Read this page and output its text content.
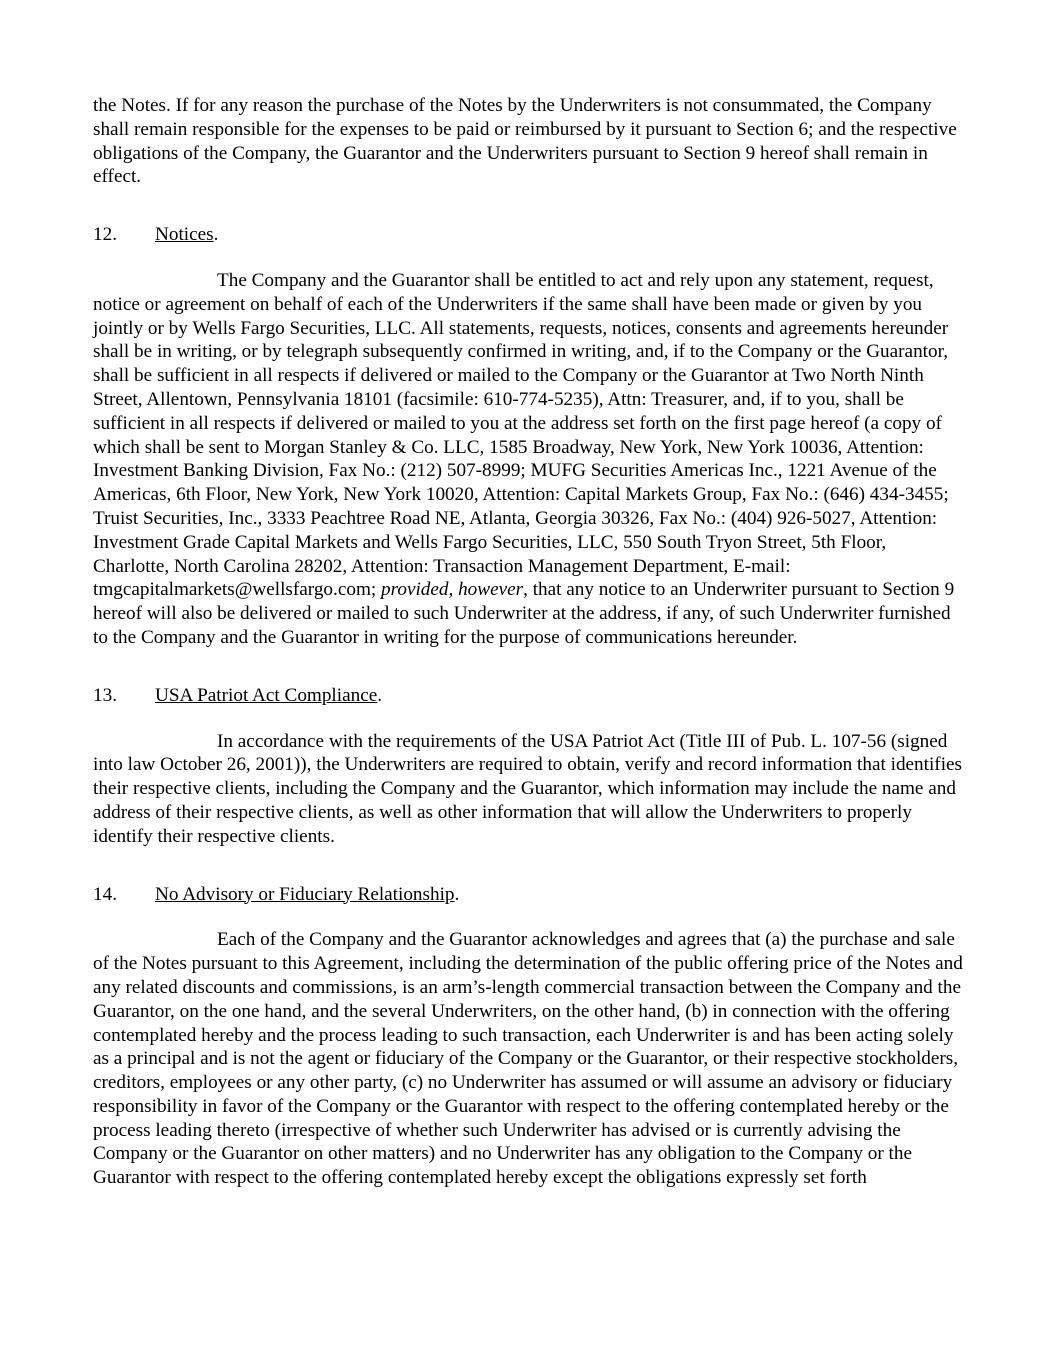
the Notes. If for any reason the purchase of the Notes by the Underwriters is not consummated, the Company shall remain responsible for the expenses to be paid or reimbursed by it pursuant to Section 6; and the respective obligations of the Company, the Guarantor and the Underwriters pursuant to Section 9 hereof shall remain in effect.

12. Notices.

The Company and the Guarantor shall be entitled to act and rely upon any statement, request, notice or agreement on behalf of each of the Underwriters if the same shall have been made or given by you jointly or by Wells Fargo Securities, LLC. All statements, requests, notices, consents and agreements hereunder shall be in writing, or by telegraph subsequently confirmed in writing, and, if to the Company or the Guarantor, shall be sufficient in all respects if delivered or mailed to the Company or the Guarantor at Two North Ninth Street, Allentown, Pennsylvania 18101 (facsimile: 610-774-5235), Attn: Treasurer, and, if to you, shall be sufficient in all respects if delivered or mailed to you at the address set forth on the first page hereof (a copy of which shall be sent to Morgan Stanley & Co. LLC, 1585 Broadway, New York, New York 10036, Attention: Investment Banking Division, Fax No.: (212) 507-8999; MUFG Securities Americas Inc., 1221 Avenue of the Americas, 6th Floor, New York, New York 10020, Attention: Capital Markets Group, Fax No.: (646) 434-3455; Truist Securities, Inc., 3333 Peachtree Road NE, Atlanta, Georgia 30326, Fax No.: (404) 926-5027, Attention: Investment Grade Capital Markets and Wells Fargo Securities, LLC, 550 South Tryon Street, 5th Floor, Charlotte, North Carolina 28202, Attention: Transaction Management Department, E-mail: tmgcapitalmarkets@wellsfargo.com; provided, however, that any notice to an Underwriter pursuant to Section 9 hereof will also be delivered or mailed to such Underwriter at the address, if any, of such Underwriter furnished to the Company and the Guarantor in writing for the purpose of communications hereunder.

13. USA Patriot Act Compliance.

In accordance with the requirements of the USA Patriot Act (Title III of Pub. L. 107-56 (signed into law October 26, 2001)), the Underwriters are required to obtain, verify and record information that identifies their respective clients, including the Company and the Guarantor, which information may include the name and address of their respective clients, as well as other information that will allow the Underwriters to properly identify their respective clients.

14. No Advisory or Fiduciary Relationship.

Each of the Company and the Guarantor acknowledges and agrees that (a) the purchase and sale of the Notes pursuant to this Agreement, including the determination of the public offering price of the Notes and any related discounts and commissions, is an arm’s-length commercial transaction between the Company and the Guarantor, on the one hand, and the several Underwriters, on the other hand, (b) in connection with the offering contemplated hereby and the process leading to such transaction, each Underwriter is and has been acting solely as a principal and is not the agent or fiduciary of the Company or the Guarantor, or their respective stockholders, creditors, employees or any other party, (c) no Underwriter has assumed or will assume an advisory or fiduciary responsibility in favor of the Company or the Guarantor with respect to the offering contemplated hereby or the process leading thereto (irrespective of whether such Underwriter has advised or is currently advising the Company or the Guarantor on other matters) and no Underwriter has any obligation to the Company or the Guarantor with respect to the offering contemplated hereby except the obligations expressly set forth
